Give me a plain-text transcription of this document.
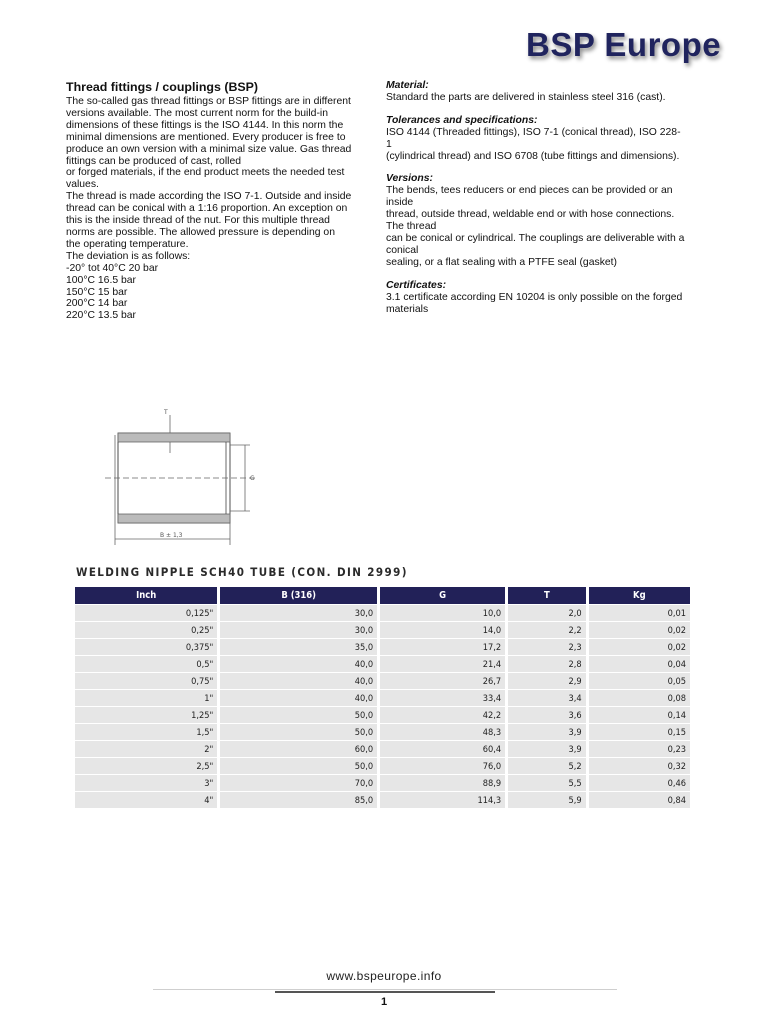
BSP Europe
Thread fittings / couplings (BSP)

The so-called gas thread fittings or BSP fittings are in different
versions available. The most current norm for the build-in
dimensions of these fittings is the ISO 4144. In this norm the
minimal dimensions are mentioned. Every producer is free to
produce an own version with a minimal size value. Gas thread
fittings can be produced of cast, rolled
or forged materials, if the end product meets the needed test
values.
The thread is made according the ISO 7-1. Outside and inside
thread can be conical with a 1:16 proportion. An exception on
this is the inside thread of the nut. For this multiple thread
norms are possible. The allowed pressure is depending on
the operating temperature.
The deviation is as follows:
-20° tot 40°C 20 bar
100°C 16.5 bar
150°C 15 bar
200°C 14 bar
220°C 13.5 bar

Material:

Standard the parts are delivered in stainless steel 316 (cast).

Tolerances and specifications:

ISO 4144 (Threaded fittings), ISO 7-1 (conical thread), ISO 228-
1
(cylindrical thread) and ISO 6708 (tube fittings and dimensions).

Versions:

The bends, tees reducers or end pieces can be provided or an
inside
thread, outside thread, weldable end or with hose connections.
The thread
can be conical or cylindrical. The couplings are deliverable with a
conical
sealing, or a flat sealing with a PTFE seal (gasket)

Certificates:

3.1 certificate according EN 10204 is only possible on the forged
materials

T
G
B ± 1,3
WELDING NIPPLE SCH40 TUBE (CON. DIN 2999)
Inch	B (316)	G	T	Kg
0,125"	30,0	10,0	2,0	0,01
0,25"	30,0	14,0	2,2	0,02
0,375"	35,0	17,2	2,3	0,02
0,5"	40,0	21,4	2,8	0,04
0,75"	40,0	26,7	2,9	0,05
1"	40,0	33,4	3,4	0,08
1,25"	50,0	42,2	3,6	0,14
1,5"	50,0	48,3	3,9	0,15
2"	60,0	60,4	3,9	0,23
2,5"	50,0	76,0	5,2	0,32
3"	70,0	88,9	5,5	0,46
4"	85,0	114,3	5,9	0,84
www.bspeurope.info
1
